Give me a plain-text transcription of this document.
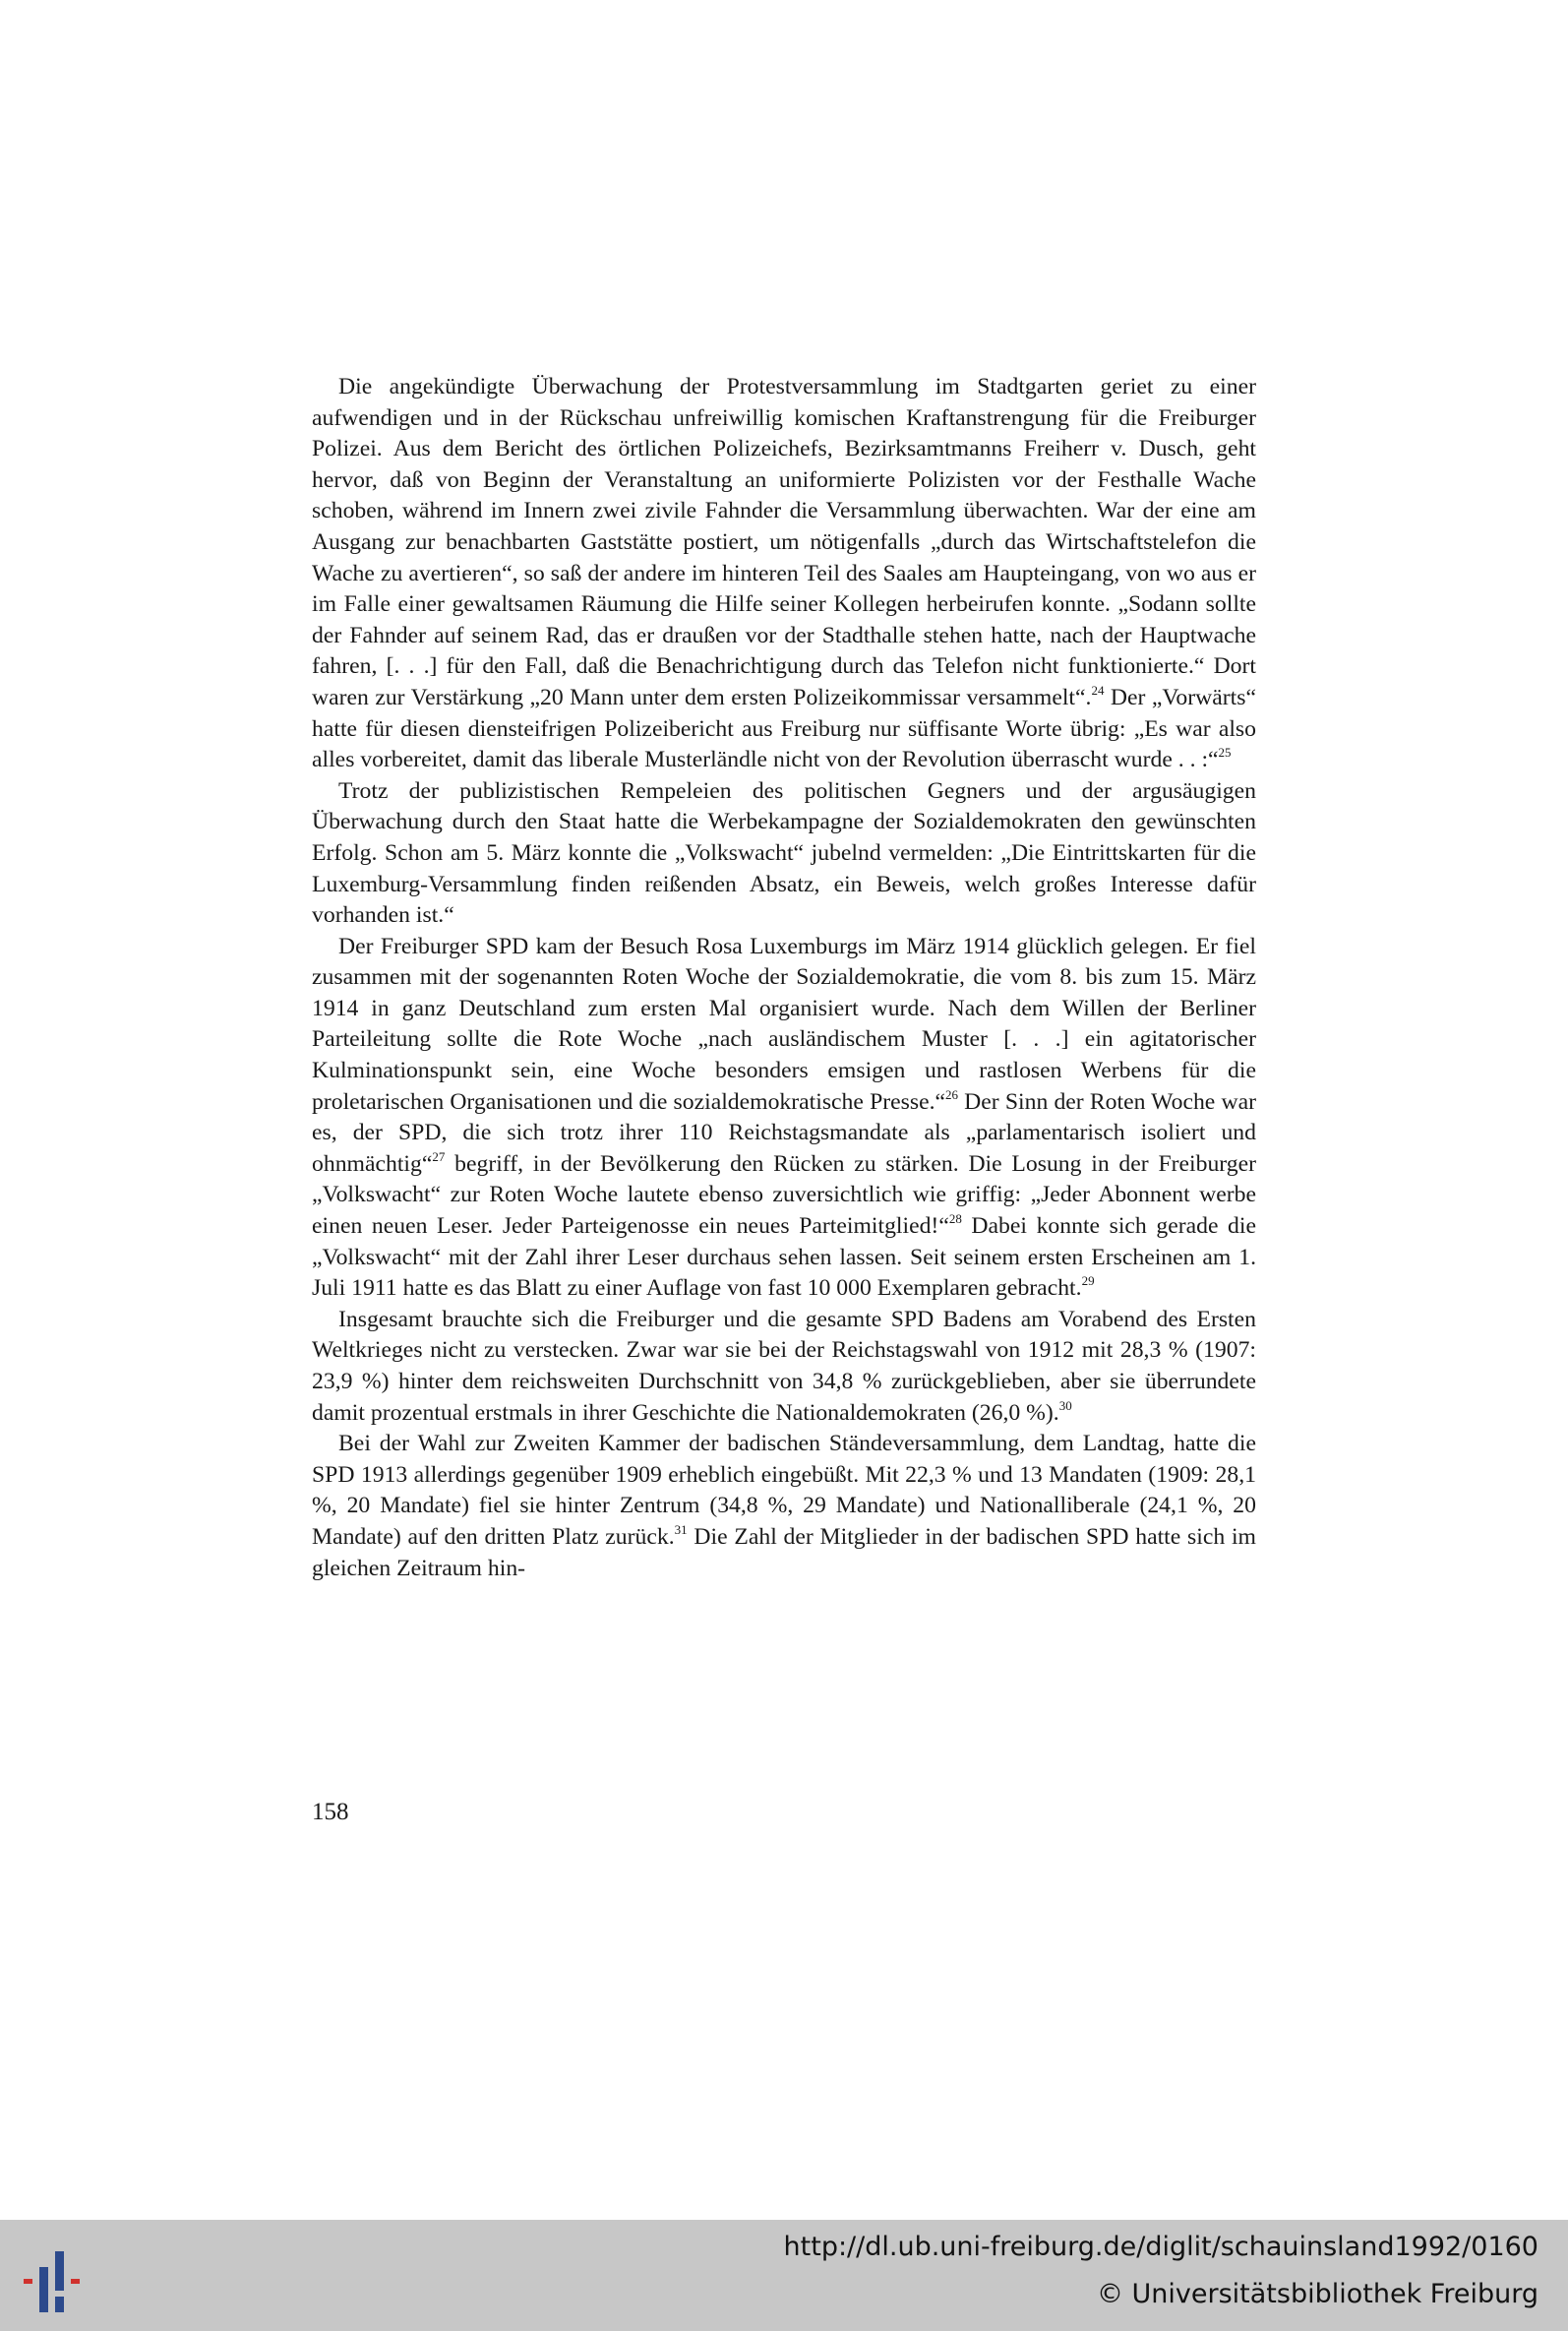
Die angekündigte Überwachung der Protestversammlung im Stadtgarten geriet zu einer aufwendigen und in der Rückschau unfreiwillig komischen Kraftanstrengung für die Freiburger Polizei. Aus dem Bericht des örtlichen Polizeichefs, Bezirksamtmanns Freiherr v. Dusch, geht hervor, daß von Beginn der Veranstaltung an uniformierte Polizisten vor der Festhalle Wache schoben, während im Innern zwei zivile Fahnder die Versammlung überwachten. War der eine am Ausgang zur benachbarten Gaststätte postiert, um nötigenfalls „durch das Wirtschaftstelefon die Wache zu avertieren“, so saß der andere im hinteren Teil des Saales am Haupteingang, von wo aus er im Falle einer gewaltsamen Räumung die Hilfe seiner Kollegen herbeirufen konnte. „Sodann sollte der Fahnder auf seinem Rad, das er draußen vor der Stadthalle stehen hatte, nach der Hauptwache fahren, [. . .] für den Fall, daß die Benachrichtigung durch das Telefon nicht funktionierte.“ Dort waren zur Verstärkung „20 Mann unter dem ersten Polizeikommissar versammelt“.$^{24}$ Der „Vorwärts“ hatte für diesen diensteifrigen Polizeibericht aus Freiburg nur süffisante Worte übrig: „Es war also alles vorbereitet, damit das liberale Musterländle nicht von der Revolution überrascht wurde . . :“$^{25}$

Trotz der publizistischen Rempeleien des politischen Gegners und der argusäugigen Überwachung durch den Staat hatte die Werbekampagne der Sozialdemokraten den gewünschten Erfolg. Schon am 5. März konnte die „Volkswacht“ jubelnd vermelden: „Die Eintrittskarten für die Luxemburg-Versammlung finden reißenden Absatz, ein Beweis, welch großes Interesse dafür vorhanden ist.“

Der Freiburger SPD kam der Besuch Rosa Luxemburgs im März 1914 glücklich gelegen. Er fiel zusammen mit der sogenannten Roten Woche der Sozialdemokratie, die vom 8. bis zum 15. März 1914 in ganz Deutschland zum ersten Mal organisiert wurde. Nach dem Willen der Berliner Parteileitung sollte die Rote Woche „nach ausländischem Muster [. . .] ein agitatorischer Kulminationspunkt sein, eine Woche besonders emsigen und rastlosen Werbens für die proletarischen Organisationen und die sozialdemokratische Presse.“$^{26}$ Der Sinn der Roten Woche war es, der SPD, die sich trotz ihrer 110 Reichstagsmandate als „parlamentarisch isoliert und ohnmächtig“$^{27}$ begriff, in der Bevölkerung den Rücken zu stärken. Die Losung in der Freiburger „Volkswacht“ zur Roten Woche lautete ebenso zuversichtlich wie griffig: „Jeder Abonnent werbe einen neuen Leser. Jeder Parteigenosse ein neues Parteimitglied!“$^{28}$ Dabei konnte sich gerade die „Volkswacht“ mit der Zahl ihrer Leser durchaus sehen lassen. Seit seinem ersten Erscheinen am 1. Juli 1911 hatte es das Blatt zu einer Auflage von fast 10 000 Exemplaren gebracht.$^{29}$

Insgesamt brauchte sich die Freiburger und die gesamte SPD Badens am Vorabend des Ersten Weltkrieges nicht zu verstecken. Zwar war sie bei der Reichstagswahl von 1912 mit 28,3 % (1907: 23,9 %) hinter dem reichsweiten Durchschnitt von 34,8 % zurückgeblieben, aber sie überrundete damit prozentual erstmals in ihrer Geschichte die Nationaldemokraten (26,0 %).$^{30}$

Bei der Wahl zur Zweiten Kammer der badischen Ständeversammlung, dem Landtag, hatte die SPD 1913 allerdings gegenüber 1909 erheblich eingebüßt. Mit 22,3 % und 13 Mandaten (1909: 28,1 %, 20 Mandate) fiel sie hinter Zentrum (34,8 %, 29 Mandate) und Nationalliberale (24,1 %, 20 Mandate) auf den dritten Platz zurück.$^{31}$ Die Zahl der Mitglieder in der badischen SPD hatte sich im gleichen Zeitraum hin-

158
http://dl.ub.uni-freiburg.de/diglit/schauinsland1992/0160
© Universitätsbibliothek Freiburg
